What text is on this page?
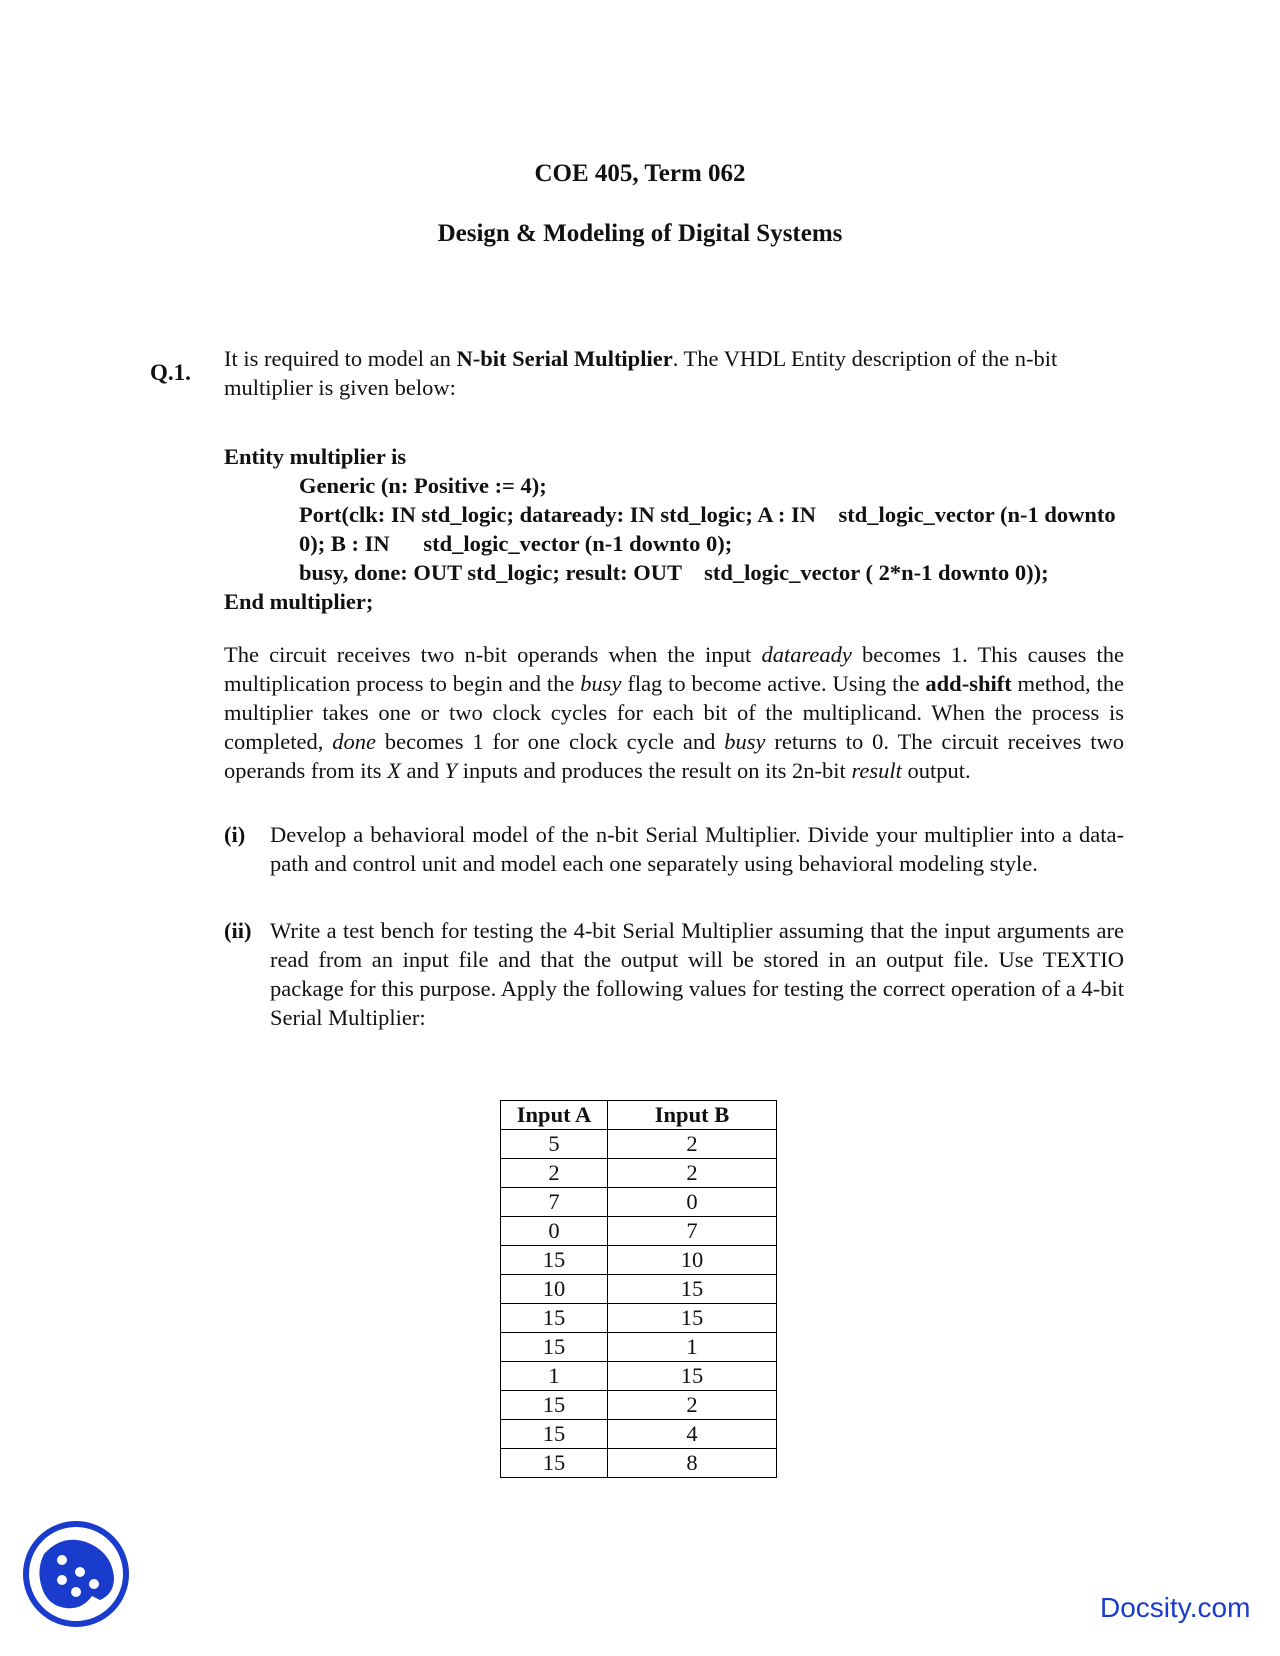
COE 405, Term 062
Design & Modeling of Digital Systems
Q.1.
It is required to model an N-bit Serial Multiplier. The VHDL Entity description of the n-bit multiplier is given below:
Entity multiplier is
Generic (n: Positive := 4);
Port(clk: IN std_logic; dataready: IN std_logic; A : IN    std_logic_vector (n-1 downto 0); B : IN      std_logic_vector (n-1 downto 0);
busy, done: OUT std_logic; result: OUT    std_logic_vector ( 2*n-1 downto 0));
End multiplier;
The circuit receives two n-bit operands when the input dataready becomes 1. This causes the multiplication process to begin and the busy flag to become active. Using the add-shift method, the multiplier takes one or two clock cycles for each bit of the multiplicand. When the process is completed, done becomes 1 for one clock cycle and busy returns to 0. The circuit receives two operands from its X and Y inputs and produces the result on its 2n-bit result output.
(i) Develop a behavioral model of the n-bit Serial Multiplier. Divide your multiplier into a data-path and control unit and model each one separately using behavioral modeling style.
(ii) Write a test bench for testing the 4-bit Serial Multiplier assuming that the input arguments are read from an input file and that the output will be stored in an output file. Use TEXTIO package for this purpose. Apply the following values for testing the correct operation of a 4-bit Serial Multiplier:
Input A	Input B
5	2
2	2
7	0
0	7
15	10
10	15
15	15
15	1
1	15
15	2
15	4
15	8
Docsity.com
